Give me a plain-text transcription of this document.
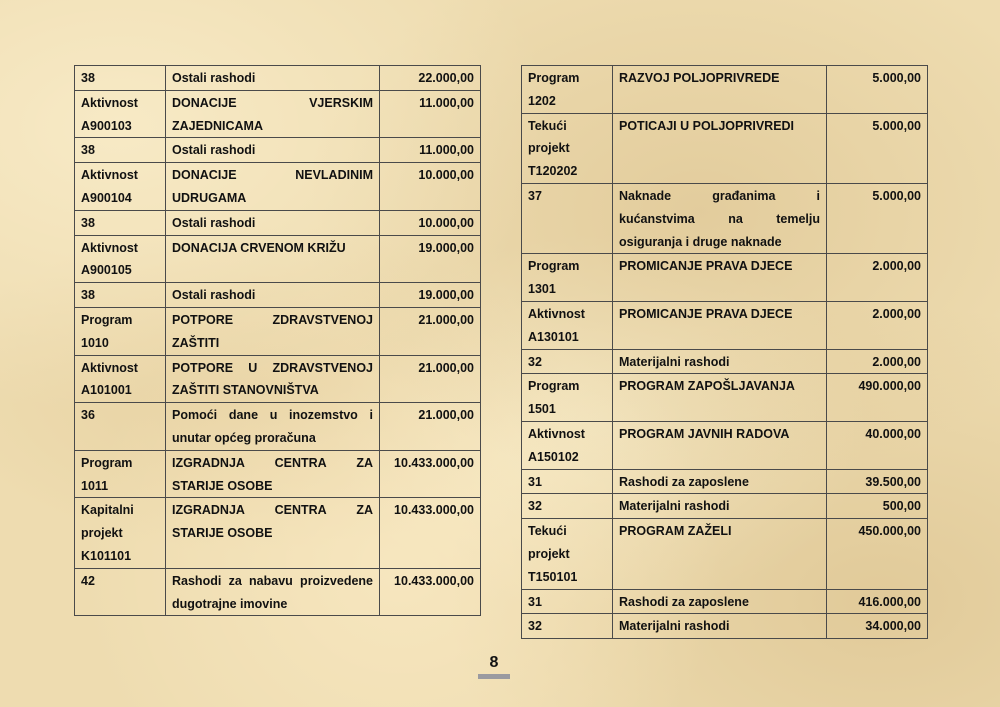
38	Ostali rashodi	22.000,00
Aktivnost A900103	DONACIJE VJERSKIM ZAJEDNICAMA	11.000,00
38	Ostali rashodi	11.000,00
Aktivnost A900104	DONACIJE NEVLADINIM UDRUGAMA	10.000,00
38	Ostali rashodi	10.000,00
Aktivnost A900105	DONACIJA CRVENOM KRIŽU	19.000,00
38	Ostali rashodi	19.000,00
Program 1010	POTPORE ZDRAVSTVENOJ ZAŠTITI	21.000,00
Aktivnost A101001	POTPORE U ZDRAVSTVENOJ ZAŠTITI STANOVNIŠTVA	21.000,00
36	Pomoći dane u inozemstvo i unutar općeg proračuna	21.000,00
Program 1011	IZGRADNJA CENTRA ZA STARIJE OSOBE	10.433.000,00
Kapitalni projekt K101101	IZGRADNJA CENTRA ZA STARIJE OSOBE	10.433.000,00
42	Rashodi za nabavu proizvedene dugotrajne imovine	10.433.000,00
Program 1202	RAZVOJ POLJOPRIVREDE	5.000,00
Tekući projekt T120202	POTICAJI U POLJOPRIVREDI	5.000,00
37	Naknade građanima i kućanstvima na temelju osiguranja i druge naknade	5.000,00
Program 1301	PROMICANJE PRAVA DJECE	2.000,00
Aktivnost A130101	PROMICANJE PRAVA DJECE	2.000,00
32	Materijalni rashodi	2.000,00
Program 1501	PROGRAM ZAPOŠLJAVANJA	490.000,00
Aktivnost A150102	PROGRAM JAVNIH RADOVA	40.000,00
31	Rashodi za zaposlene	39.500,00
32	Materijalni rashodi	500,00
Tekući projekt T150101	PROGRAM ZAŽELI	450.000,00
31	Rashodi za zaposlene	416.000,00
32	Materijalni rashodi	34.000,00
8
